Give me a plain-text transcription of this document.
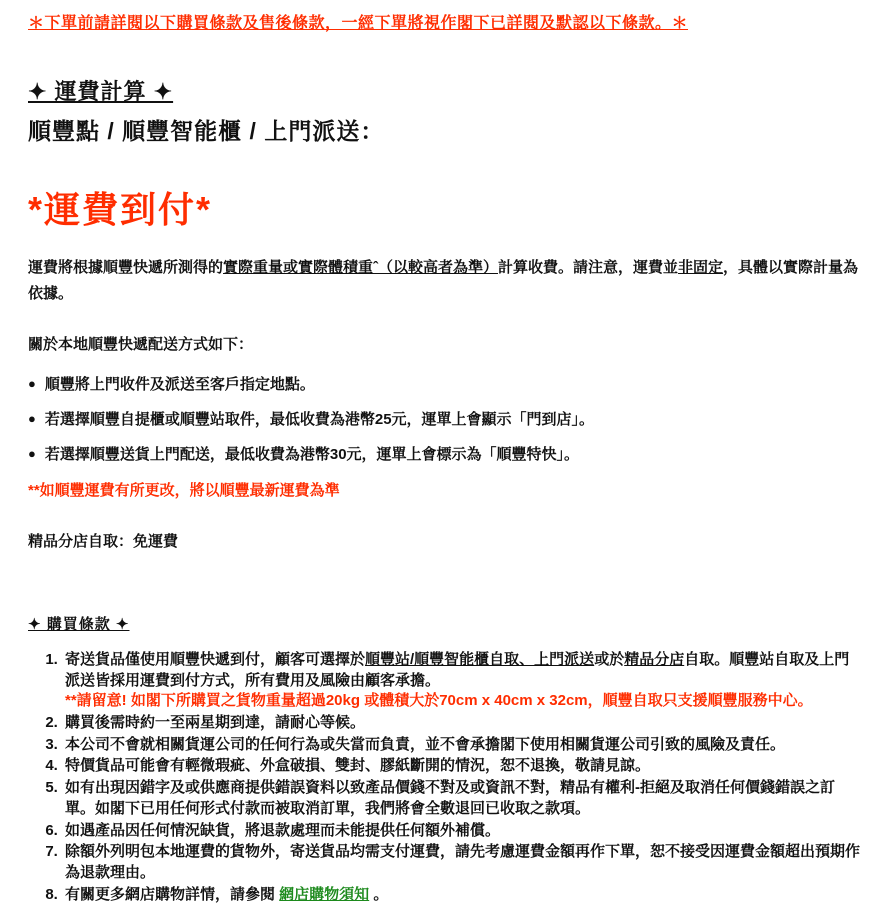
＊下單前請詳閱以下購買條款及售後條款，一經下單將視作閣下已詳閱及默認以下條款。＊

✦ 運費計算 ✦
順豐點 / 順豐智能櫃 / 上門派送：
*運費到付*

運費將根據順豐快遞所測得的實際重量或實際體積重ˆ（以較高者為準）計算收費。請注意，運費並非固定，具體以實際計量為依據。

關於本地順豐快遞配送方式如下：

● 順豐將上門收件及派送至客戶指定地點。
● 若選擇順豐自提櫃或順豐站取件，最低收費為港幣25元，運單上會顯示「門到店」。
● 若選擇順豐送貨上門配送，最低收費為港幣30元，運單上會標示為「順豐特快」。

**如順豐運費有所更改，將以順豐最新運費為準

精品分店自取：免運費

✦ 購買條款 ✦
1. 寄送貨品僅使用順豐快遞到付，顧客可選擇於順豐站/順豐智能櫃自取、上門派送或於精品分店自取。順豐站自取及上門派送皆採用運費到付方式，所有費用及風險由顧客承擔。
**請留意! 如閣下所購買之貨物重量超過20kg 或體積大於70cm x 40cm x 32cm，順豐自取只支援順豐服務中心。
2. 購買後需時約一至兩星期到達，請耐心等候。
3. 本公司不會就相關貨運公司的任何行為或失當而負責，並不會承擔閣下使用相關貨運公司引致的風險及責任。
4. 特價貨品可能會有輕微瑕疵、外盒破損、雙封、膠紙斷開的情況，恕不退換，敬請見諒。
5. 如有出現因錯字及或供應商提供錯誤資料以致產品價錢不對及或資訊不對，精品有權利-拒絕及取消任何價錢錯誤之訂單。如閣下已用任何形式付款而被取消訂單，我們將會全數退回已收取之款項。
6. 如遇產品因任何情況缺貨，將退款處理而未能提供任何額外補償。
7. 除額外列明包本地運費的貨物外，寄送貨品均需支付運費，請先考慮運費金額再作下單，恕不接受因運費金額超出預期作為退款理由。
8. 有關更多網店購物詳情，請參閱 網店購物須知 。
